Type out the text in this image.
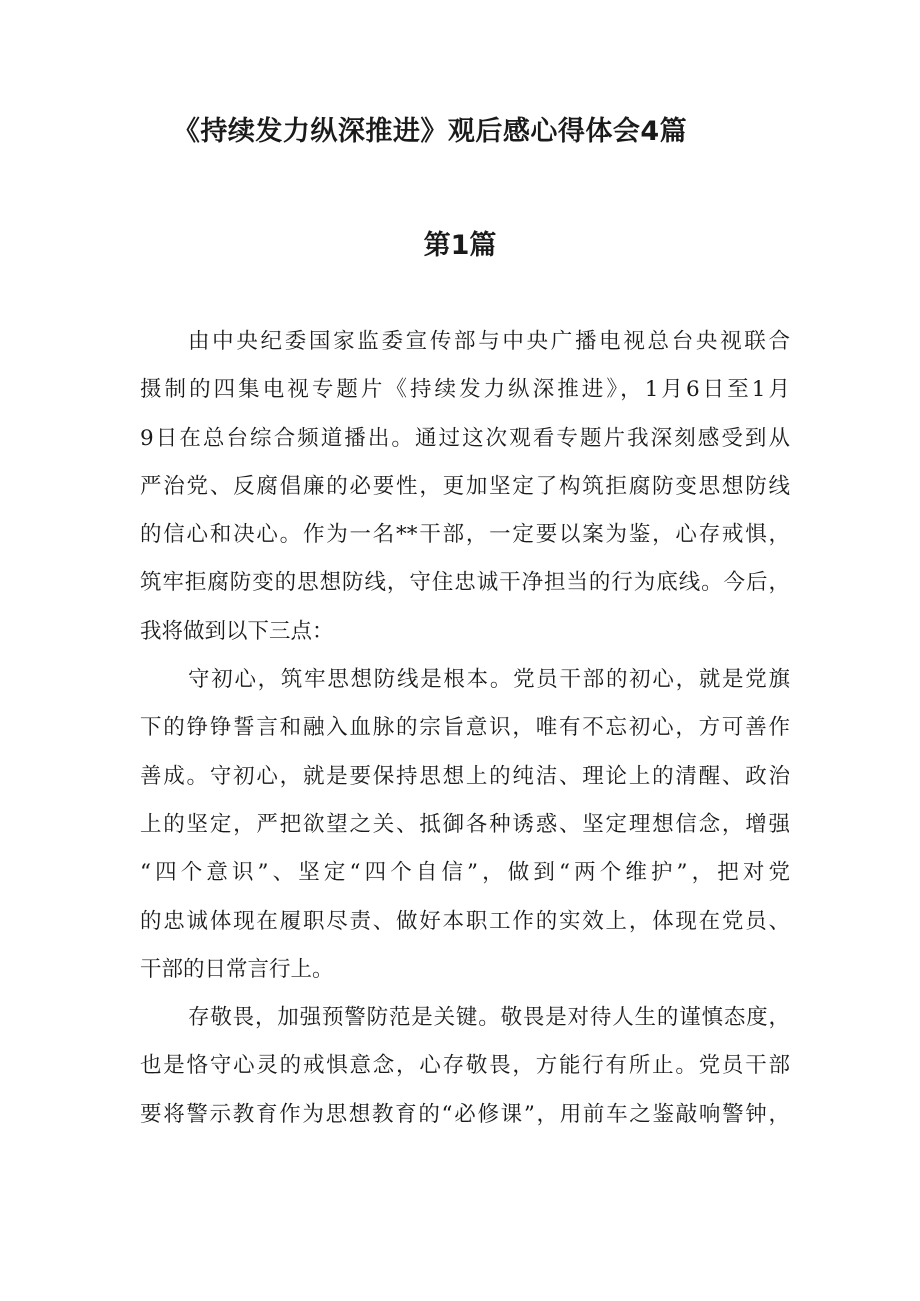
《持续发力纵深推进》观后感心得体会4篇
第1篇
由中央纪委国家监委宣传部与中央广播电视总台央视联合
摄制的四集电视专题片《持续发力纵深推进》，1月6日至1月
9日在总台综合频道播出。通过这次观看专题片我深刻感受到从
严治党、反腐倡廉的必要性，更加坚定了构筑拒腐防变思想防线
的信心和决心。作为一名**干部，一定要以案为鉴，心存戒惧，
筑牢拒腐防变的思想防线，守住忠诚干净担当的行为底线。今后，
我将做到以下三点：
守初心，筑牢思想防线是根本。党员干部的初心，就是党旗
下的铮铮誓言和融入血脉的宗旨意识，唯有不忘初心，方可善作
善成。守初心，就是要保持思想上的纯洁、理论上的清醒、政治
上的坚定，严把欲望之关、抵御各种诱惑、坚定理想信念，增强
“四个意识”、坚定“四个自信”，做到“两个维护”，把对党
的忠诚体现在履职尽责、做好本职工作的实效上，体现在党员、
干部的日常言行上。
存敬畏，加强预警防范是关键。敬畏是对待人生的谨慎态度，
也是恪守心灵的戒惧意念，心存敬畏，方能行有所止。党员干部
要将警示教育作为思想教育的“必修课”，用前车之鉴敲响警钟，
